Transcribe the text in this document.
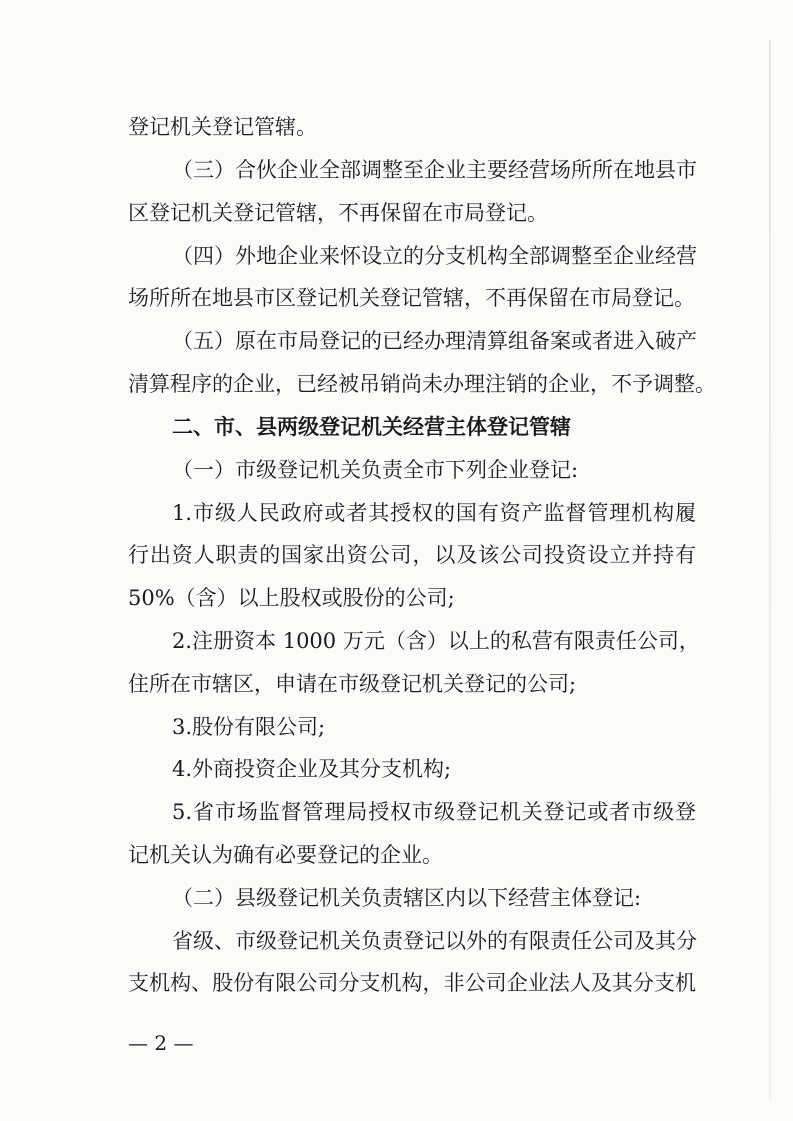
登记机关登记管辖。
（三）合伙企业全部调整至企业主要经营场所所在地县市
区登记机关登记管辖，不再保留在市局登记。
（四）外地企业来怀设立的分支机构全部调整至企业经营
场所所在地县市区登记机关登记管辖，不再保留在市局登记。
（五）原在市局登记的已经办理清算组备案或者进入破产
清算程序的企业，已经被吊销尚未办理注销的企业，不予调整。
二、市、县两级登记机关经营主体登记管辖
（一）市级登记机关负责全市下列企业登记:
1.市级人民政府或者其授权的国有资产监督管理机构履
行出资人职责的国家出资公司，以及该公司投资设立并持有
50%（含）以上股权或股份的公司;
2.注册资本 1000 万元（含）以上的私营有限责任公司，
住所在市辖区，申请在市级登记机关登记的公司;
3.股份有限公司;
4.外商投资企业及其分支机构;
5.省市场监督管理局授权市级登记机关登记或者市级登
记机关认为确有必要登记的企业。
（二）县级登记机关负责辖区内以下经营主体登记:
省级、市级登记机关负责登记以外的有限责任公司及其分
支机构、股份有限公司分支机构，非公司企业法人及其分支机
— 2 —
